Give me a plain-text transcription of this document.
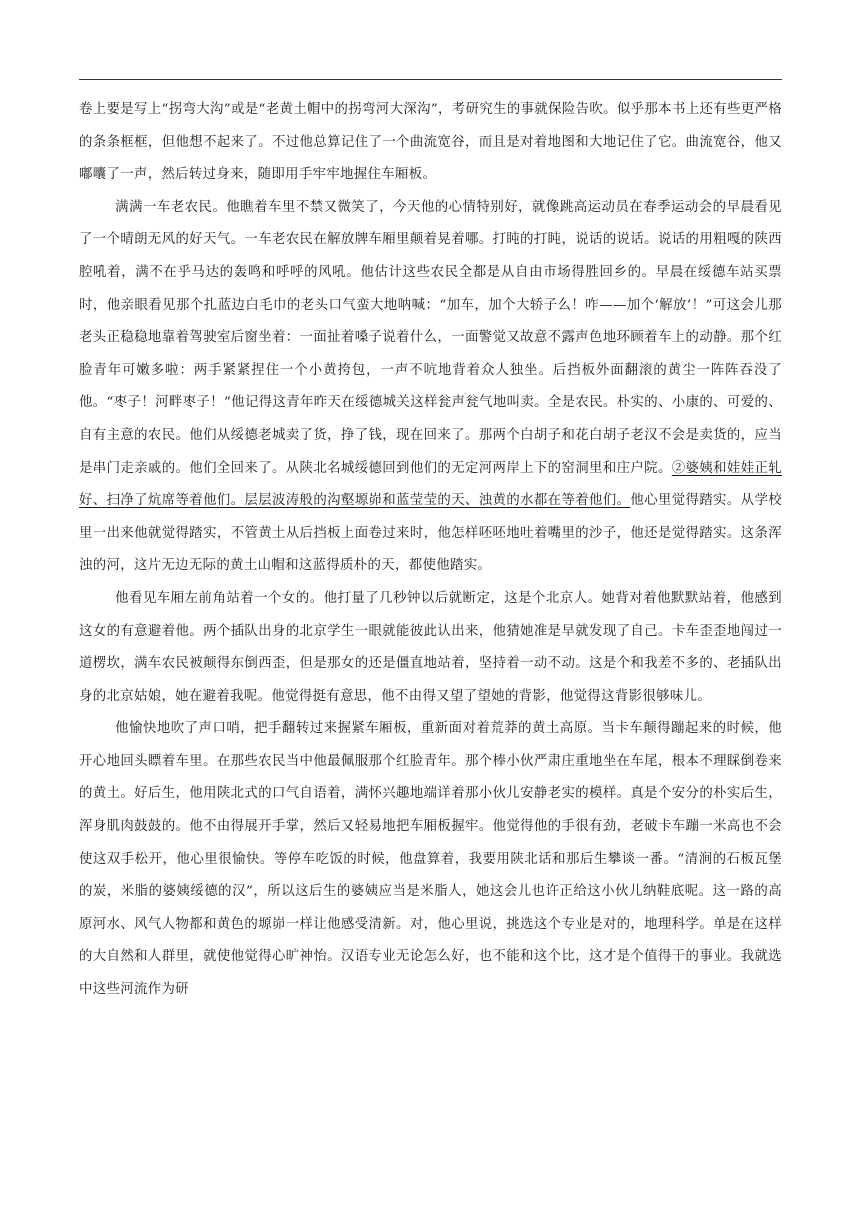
卷上要是写上“拐弯大沟”或是“老黄土帽中的拐弯河大深沟”，考研究生的事就保险告吹。似乎那本书上还有些更严格的条条框框，但他想不起来了。不过他总算记住了一个曲流宽谷，而且是对着地图和大地记住了它。曲流宽谷，他又嘟囔了一声，然后转过身来，随即用手牢牢地握住车厢板。

满满一车老农民。他瞧着车里不禁又微笑了，今天他的心情特别好，就像跳高运动员在春季运动会的早晨看见了一个晴朗无风的好天气。一车老农民在解放牌车厢里颠着晃着哪。打盹的打盹，说话的说话。说话的用粗嘎的陕西腔吼着，满不在乎马达的轰鸣和呼呼的风吼。他估计这些农民全都是从自由市场得胜回乡的。早晨在绥德车站买票时，他亲眼看见那个扎蓝边白毛巾的老头口气蛮大地呐喊：“加车，加个大轿子么！咋——加个‘解放’！”可这会儿那老头正稳稳地靠着驾驶室后窗坐着：一面扯着嗓子说着什么，一面警觉又故意不露声色地环顾着车上的动静。那个红脸青年可嫩多啦：两手紧紧捏住一个小黄挎包，一声不吭地背着众人独坐。后挡板外面翻滚的黄尘一阵阵吞没了他。“枣子！河畔枣子！”他记得这青年昨天在绥德城关这样瓮声瓮气地叫卖。全是农民。朴实的、小康的、可爱的、自有主意的农民。他们从绥德老城卖了货，挣了钱，现在回来了。那两个白胡子和花白胡子老汉不会是卖货的，应当是串门走亲戚的。他们全回来了。从陕北名城绥德回到他们的无定河两岸上下的窑洞里和庄户院。②婆姨和娃娃正轧好、扫净了炕席等着他们。层层波涛般的沟壑塬峁和蓝莹莹的天、浊黄的水都在等着他们。他心里觉得踏实。从学校里一出来他就觉得踏实，不管黄土从后挡板上面卷过来时，他怎样呸呸地吐着嘴里的沙子，他还是觉得踏实。这条浑浊的河，这片无边无际的黄土山帽和这蓝得质朴的天，都使他踏实。

他看见车厢左前角站着一个女的。他打量了几秒钟以后就断定，这是个北京人。她背对着他默默站着，他感到这女的有意避着他。两个插队出身的北京学生一眼就能彼此认出来，他猜她准是早就发现了自己。卡车歪歪地闯过一道楞坎，满车农民被颠得东倒西歪，但是那女的还是僵直地站着，坚持着一动不动。这是个和我差不多的、老插队出身的北京姑娘，她在避着我呢。他觉得挺有意思，他不由得又望了望她的背影，他觉得这背影很够味儿。

他愉快地吹了声口哨，把手翻转过来握紧车厢板，重新面对着荒莽的黄土高原。当卡车颠得蹦起来的时候，他开心地回头瞟着车里。在那些农民当中他最佩服那个红脸青年。那个棒小伙严肃庄重地坐在车尾，根本不理睬倒卷来的黄土。好后生，他用陕北式的口气自语着，满怀兴趣地端详着那小伙儿安静老实的模样。真是个安分的朴实后生，浑身肌肉鼓鼓的。他不由得展开手掌，然后又轻易地把车厢板握牢。他觉得他的手很有劲，老破卡车蹦一米高也不会使这双手松开，他心里很愉快。等停车吃饭的时候，他盘算着，我要用陕北话和那后生攀谈一番。“清涧的石板瓦堡的炭，米脂的婆姨绥德的汉”，所以这后生的婆姨应当是米脂人，她这会儿也许正给这小伙儿纳鞋底呢。这一路的高原河水、风气人物都和黄色的塬峁一样让他感受清新。对，他心里说，挑选这个专业是对的，地理科学。单是在这样的大自然和人群里，就使他觉得心旷神怡。汉语专业无论怎么好，也不能和这个比，这才是个值得干的事业。我就选中这些河流作为研
